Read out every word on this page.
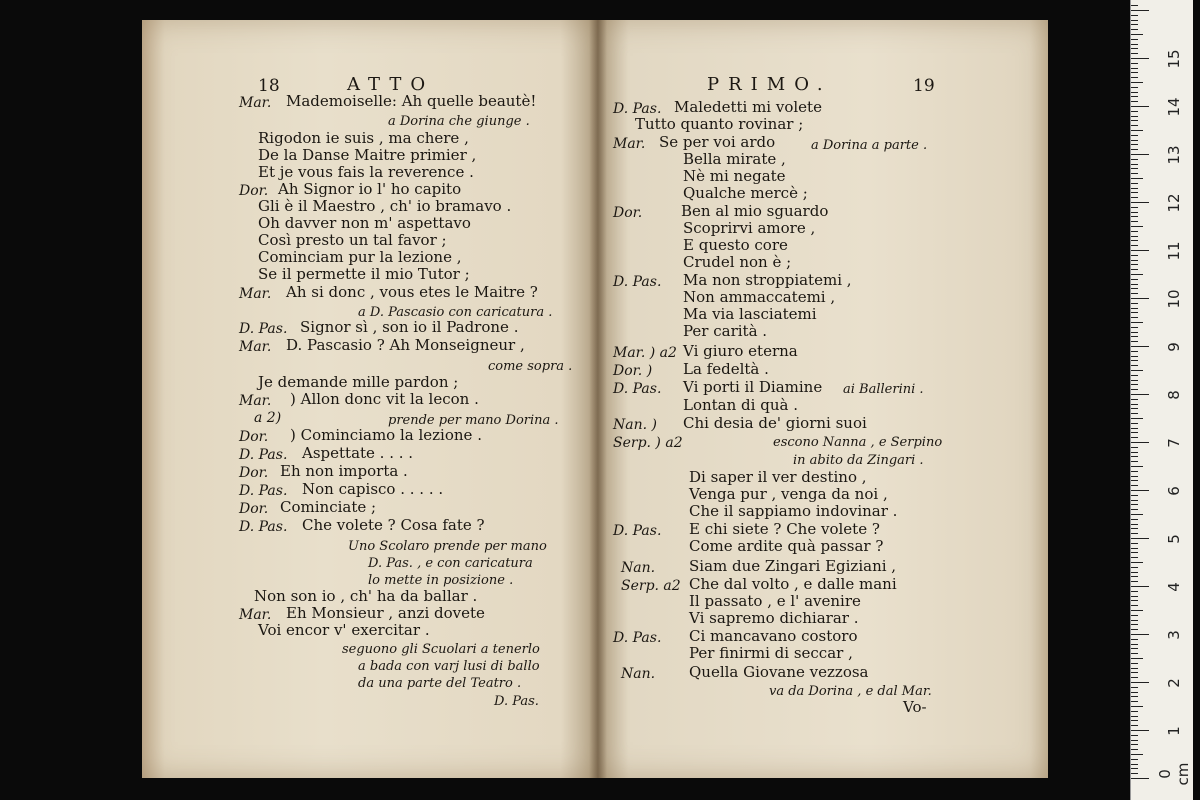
18	ATTO
Mar. Mademoiselle: Ah quelle beautè!
a Dorina che giunge .
Rigodon ie suis , ma chere ,
De la Danse Maitre primier ,
Et je vous fais la reverence .
Dor. Ah Signor io l' ho capito
Gli è il Maestro , ch' io bramavo .
Oh davver non m' aspettavo
Così presto un tal favor ;
Cominciam pur la lezione ,
Se il permette il mio Tutor ;
Mar. Ah si donc , vous etes le Maitre ?
a D. Pascasio con caricatura .
D. Pas. Signor sì , son io il Padrone .
Mar. D. Pascasio ? Ah Monseigneur ,
come sopra .
Je demande mille pardon ;
Mar. ) Allon donc vit la lecon .
a 2)	prende per mano Dorina .
Dor. ) Cominciamo la lezione .
D. Pas. Aspettate . . . .
Dor. Eh non importa .
D. Pas. Non capisco . . . . .
Dor. Cominciate ;
D. Pas. Che volete ? Cosa fate ?
Uno Scolaro prende per mano
D. Pas. , e con caricatura
lo mette in posizione .
Non son io , ch' ha da ballar .
Mar. Eh Monsieur , anzi dovete
Voi encor v' exercitar .
seguono gli Scuolari a tenerlo
a bada con varj lusi di ballo
da una parte del Teatro .
D. Pas.
PRIMO.	19
D. Pas. Maledetti mi volete
Tutto quanto rovinar ;
Mar. Se per voi ardo	a Dorina a parte .
Bella mirate ,
Nè mi negate
Qualche mercè ;
Dor.	Ben al mio sguardo
Scoprirvi amore ,
E questo core
Crudel non è ;
D. Pas. Ma non stroppiatemi ,
Non ammaccatemi ,
Ma via lasciatemi
Per carità .
Mar. ) a2 Vi giuro eterna
Dor. ) La fedeltà .
D. Pas. Vi porti il Diamine ai Ballerini .
Lontan di quà .
Nan. ) Chi desia de' giorni suoi
Serp. ) a2	escono Nanna , e Serpino
in abito da Zingari .
Di saper il ver destino ,
Venga pur , venga da noi ,
Che il sappiamo indovinar .
D. Pas. E chi siete ? Che volete ?
Come ardite quà passar ?
Nan. Siam due Zingari Egiziani ,
Serp. a2 Che dal volto , e dalle mani
Il passato , e l' avenire
Vi sapremo dichiarar .
D. Pas. Ci mancavano costoro
Per finirmi di seccar ,
Nan. Quella Giovane vezzosa
va da Dorina , e dal Mar.
Vo-
0 cm
1
2
3
4
5
6
7
8
9
10
11
12
13
14
15
